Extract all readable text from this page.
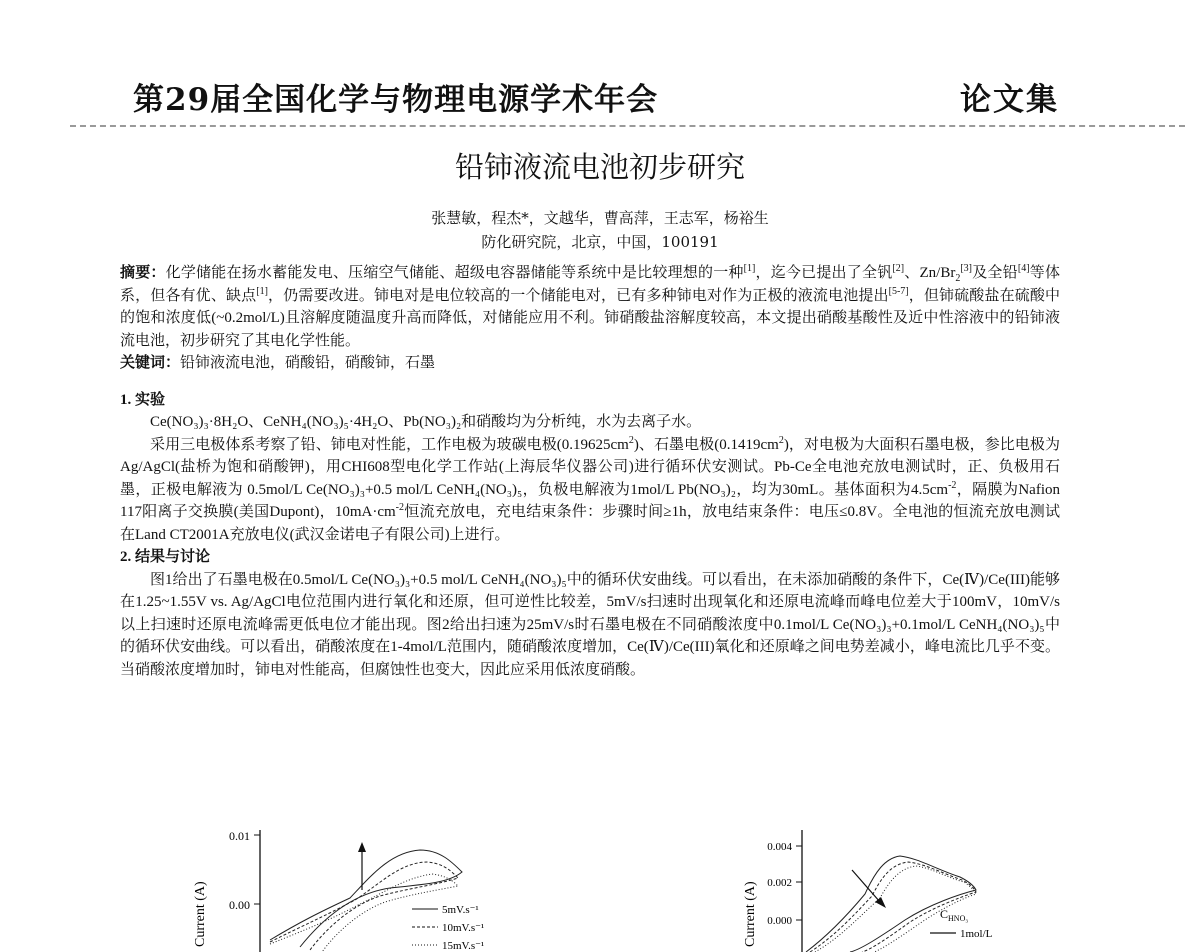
第29届全国化学与物理电源学术年会	论文集
铅铈液流电池初步研究
张慧敏，程杰*，文越华，曹高萍，王志军，杨裕生
防化研究院，北京，中国，100191

摘要：化学储能在扬水蓄能发电、压缩空气储能、超级电容器储能等系统中是比较理想的一种[1]，迄今已提出了全钒[2]、$Zn/Br_2[3]$及全铅[4]等体系，但各有优、缺点[1]，仍需要改进。铈电对是电位较高的一个储能电对，已有多种铈电对作为正极的液流电池提出[5-7]，但铈硫酸盐在硫酸中的饱和浓度低(~0.2mol/L)且溶解度随温度升高而降低，对储能应用不利。铈硝酸盐溶解度较高，本文提出硝酸基酸性及近中性溶液中的铅铈液流电池，初步研究了其电化学性能。

关键词：铅铈液流电池，硝酸铅，硝酸铈，石墨

1. 实验

Ce(NO₃)₃·8H₂O、CeNH₄(NO₃)₅·4H₂O、Pb(NO₃)₂和硝酸均为分析纯，水为去离子水。

采用三电极体系考察了铅、铈电对性能，工作电极为玻碳电极$(0.19625cm^2)$、石墨电极$(0.1419cm^2)$，对电极为大面积石墨电极，参比电极为Ag/AgCl(盐桥为饱和硝酸钾)，用CHI608型电化学工作站(上海辰华仪器公司)进行循环伏安测试。Pb-Ce全电池充放电测试时，正、负极用石墨，正极电解液为 0.5mol/L Ce(NO₃)₃+0.5 mol/L CeNH₄(NO₃)₅，负极电解液为1mol/L Pb(NO₃)₂，均为30mL。基体面积为$4.5cm^{-2}$，隔膜为Nafion 117阳离子交换膜(美国Dupont)，$10mA\cdot cm^{-2}$恒流充放电，充电结束条件：步骤时间≥1h，放电结束条件：电压≤0.8V。全电池的恒流充放电测试在Land CT2001A充放电仪(武汉金诺电子有限公司)上进行。

2. 结果与讨论

图1给出了石墨电极在0.5mol/L Ce(NO₃)₃+0.5 mol/L CeNH₄(NO₃)₅中的循环伏安曲线。可以看出，在未添加硝酸的条件下，Ce(Ⅳ)/Ce(III)能够在1.25~1.55V vs. Ag/AgCl电位范围内进行氧化和还原，但可逆性比较差，5mV/s扫速时出现氧化和还原电流峰而峰电位差大于100mV，10mV/s以上扫速时还原电流峰需更低电位才能出现。图2给出扫速为25mV/s时石墨电极在不同硝酸浓度中0.1mol/L Ce(NO₃)₃+0.1mol/L CeNH₄(NO₃)₅中的循环伏安曲线。可以看出，硝酸浓度在1-4mol/L范围内，随硝酸浓度增加，Ce(Ⅳ)/Ce(III)氧化和还原峰之间电势差减小，峰电流比几乎不变。当硝酸浓度增加时，铈电对性能高，但腐蚀性也变大，因此应采用低浓度硝酸。

Current (A)
0.01
0.00	5mV.s⁻¹
10mV.s⁻¹
15mV.s⁻¹	Current (A)
0.004
0.002
0.000	$C_{HNO_3}$
1mol/L
